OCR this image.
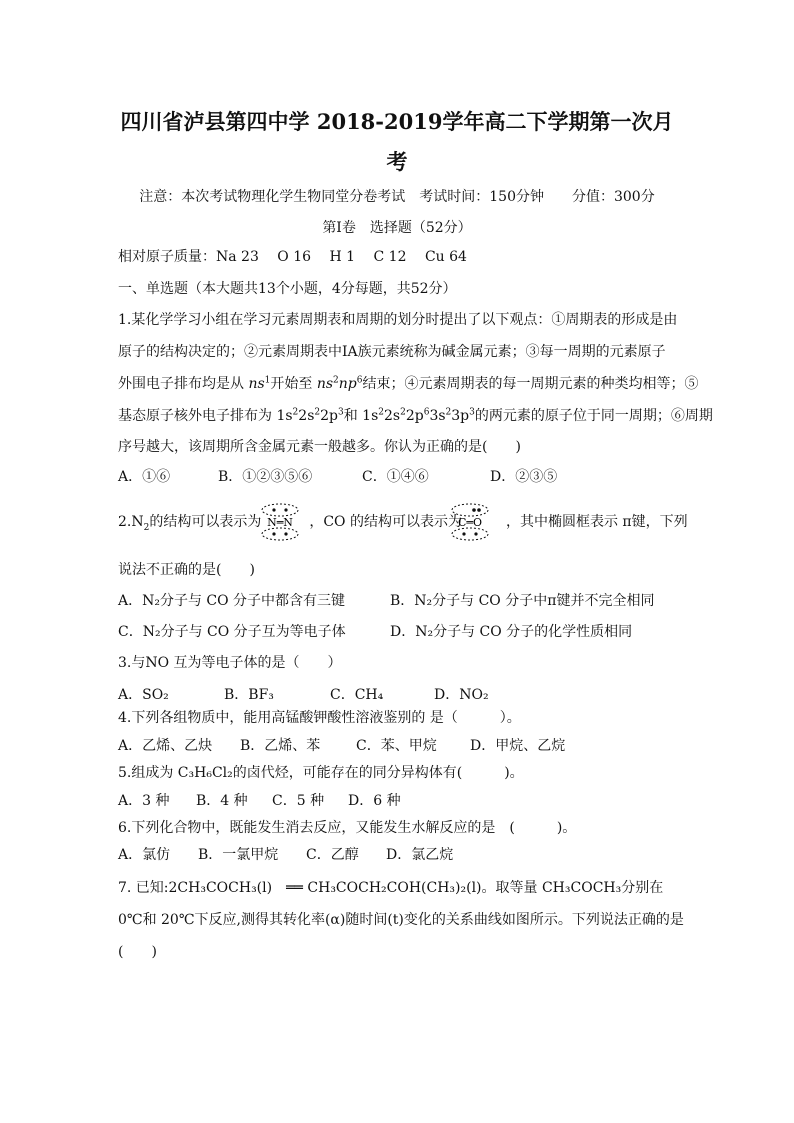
四川省泸县第四中学 2018-2019学年高二下学期第一次月
考
注意：本次考试物理化学生物同堂分卷考试　考试时间：150分钟　　分值：300分
第Ⅰ卷　选择题（52分）
相对原子质量：Na 23　 O 16　 H 1　 C 12　 Cu 64
一、单选题（本大题共13个小题，4分每题，共52分）
1.某化学学习小组在学习元素周期表和周期的划分时提出了以下观点：①周期表的形成是由
原子的结构决定的；②元素周期表中ⅠA族元素统称为碱金属元素；③每一周期的元素原子
外围电子排布均是从 $ns^1$开始至 $ns^2np^6$结束；④元素周期表的每一周期元素的种类均相等；⑤
基态原子核外电子排布为 $1s^22s^22p^3$和 $1s^22s^22p^63s^23p^3$的两元素的原子位于同一周期；⑥周期
序号越大，该周期所含金属元素一般越多。你认为正确的是(　　)
A．①⑥	B．①②③⑤⑥	C．①④⑥	D．②③⑤
$2.N_2$的结构可以表示为	，CO 的结构可以表示为	，其中椭圆框表示 π键，下列
N═N	C═O
说法不正确的是(　　)
A．N₂分子与 CO 分子中都含有三键	B．N₂分子与 CO 分子中π键并不完全相同
C．N₂分子与 CO 分子互为等电子体	D．N₂分子与 CO 分子的化学性质相同
3.与NO 互为等电子体的是（　　）
A．SO₂	B．BF₃	C．CH₄	D．NO₂
4.下列各组物质中，能用高锰酸钾酸性溶液鉴别的 是（　　　）。
A．乙烯、乙炔 B．乙烯、苯	C．苯、甲烷 D．甲烷、乙烷
5.组成为 C₃H₆Cl₂的卤代烃，可能存在的同分异构体有(　　　)。
A．3 种 B．4 种 C．5 种 D．6 种
6.下列化合物中，既能发生消去反应，又能发生水解反应的是　(　　　)。
A．氯仿 B．一氯甲烷 C．乙醇 D．氯乙烷
7. 已知:2CH₃COCH₃(l)　══ CH₃COCH₂COH(CH₃)₂(l)。取等量 CH₃COCH₃分别在
0℃和 20℃下反应,测得其转化率(α)随时间(t)变化的关系曲线如图所示。下列说法正确的是
(　　)
